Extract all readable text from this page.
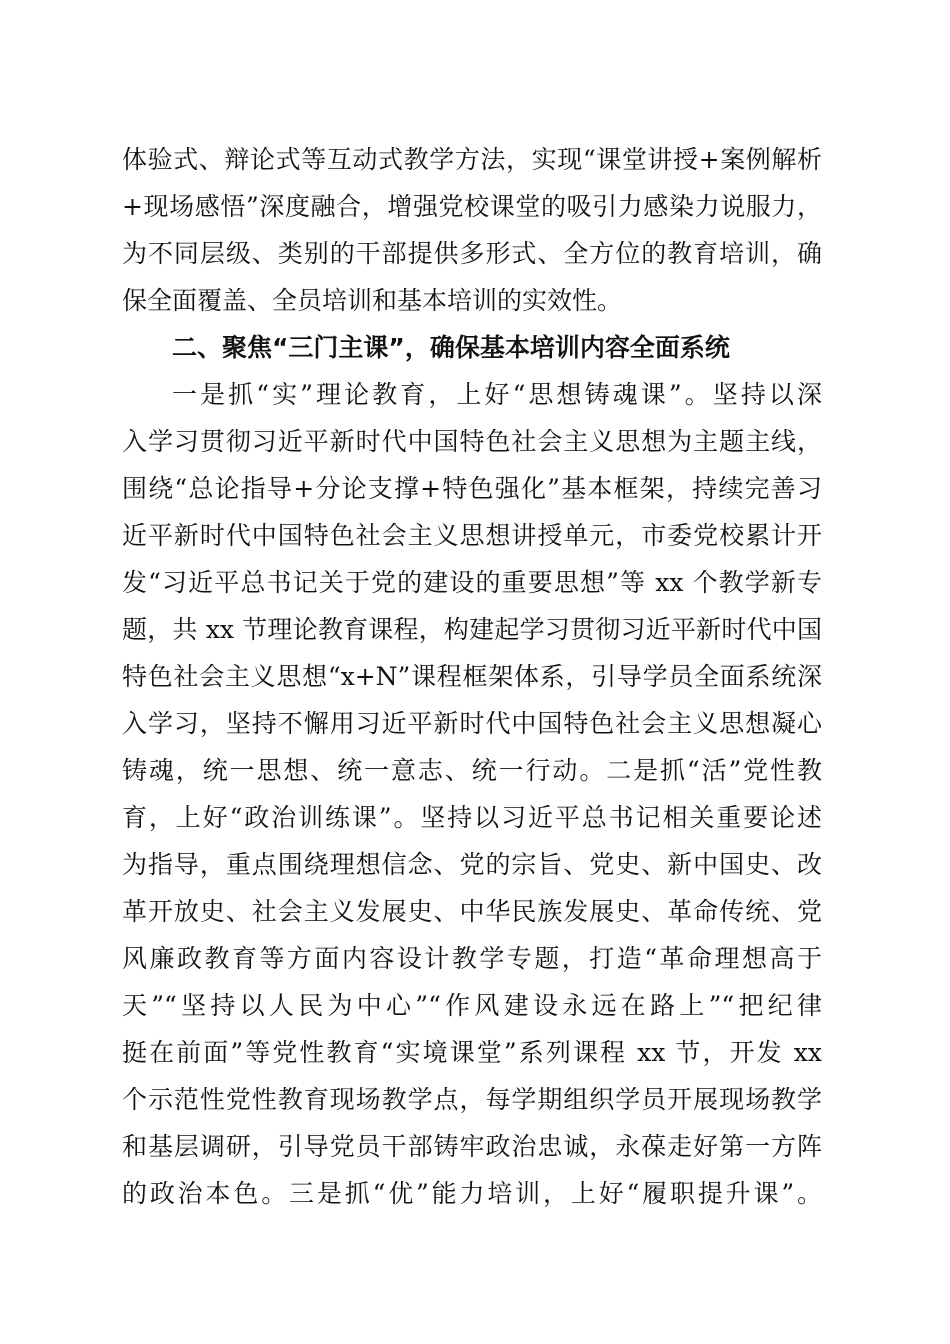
体验式、辩论式等互动式教学方法，实现“课堂讲授+案例解析
+现场感悟”深度融合，增强党校课堂的吸引力感染力说服力，
为不同层级、类别的干部提供多形式、全方位的教育培训，确
保全面覆盖、全员培训和基本培训的实效性。
二、聚焦“三门主课”，确保基本培训内容全面系统
一是抓“实”理论教育，上好“思想铸魂课”。坚持以深
入学习贯彻习近平新时代中国特色社会主义思想为主题主线，
围绕“总论指导+分论支撑+特色强化”基本框架，持续完善习
近平新时代中国特色社会主义思想讲授单元，市委党校累计开
发“习近平总书记关于党的建设的重要思想”等 xx 个教学新专
题，共 xx 节理论教育课程，构建起学习贯彻习近平新时代中国
特色社会主义思想“x+N”课程框架体系，引导学员全面系统深
入学习，坚持不懈用习近平新时代中国特色社会主义思想凝心
铸魂，统一思想、统一意志、统一行动。二是抓“活”党性教
育，上好“政治训练课”。坚持以习近平总书记相关重要论述
为指导，重点围绕理想信念、党的宗旨、党史、新中国史、改
革开放史、社会主义发展史、中华民族发展史、革命传统、党
风廉政教育等方面内容设计教学专题，打造“革命理想高于
天”“坚持以人民为中心”“作风建设永远在路上”“把纪律
挺在前面”等党性教育“实境课堂”系列课程 xx 节，开发 xx
个示范性党性教育现场教学点，每学期组织学员开展现场教学
和基层调研，引导党员干部铸牢政治忠诚，永葆走好第一方阵
的政治本色。三是抓“优”能力培训，上好“履职提升课”。
